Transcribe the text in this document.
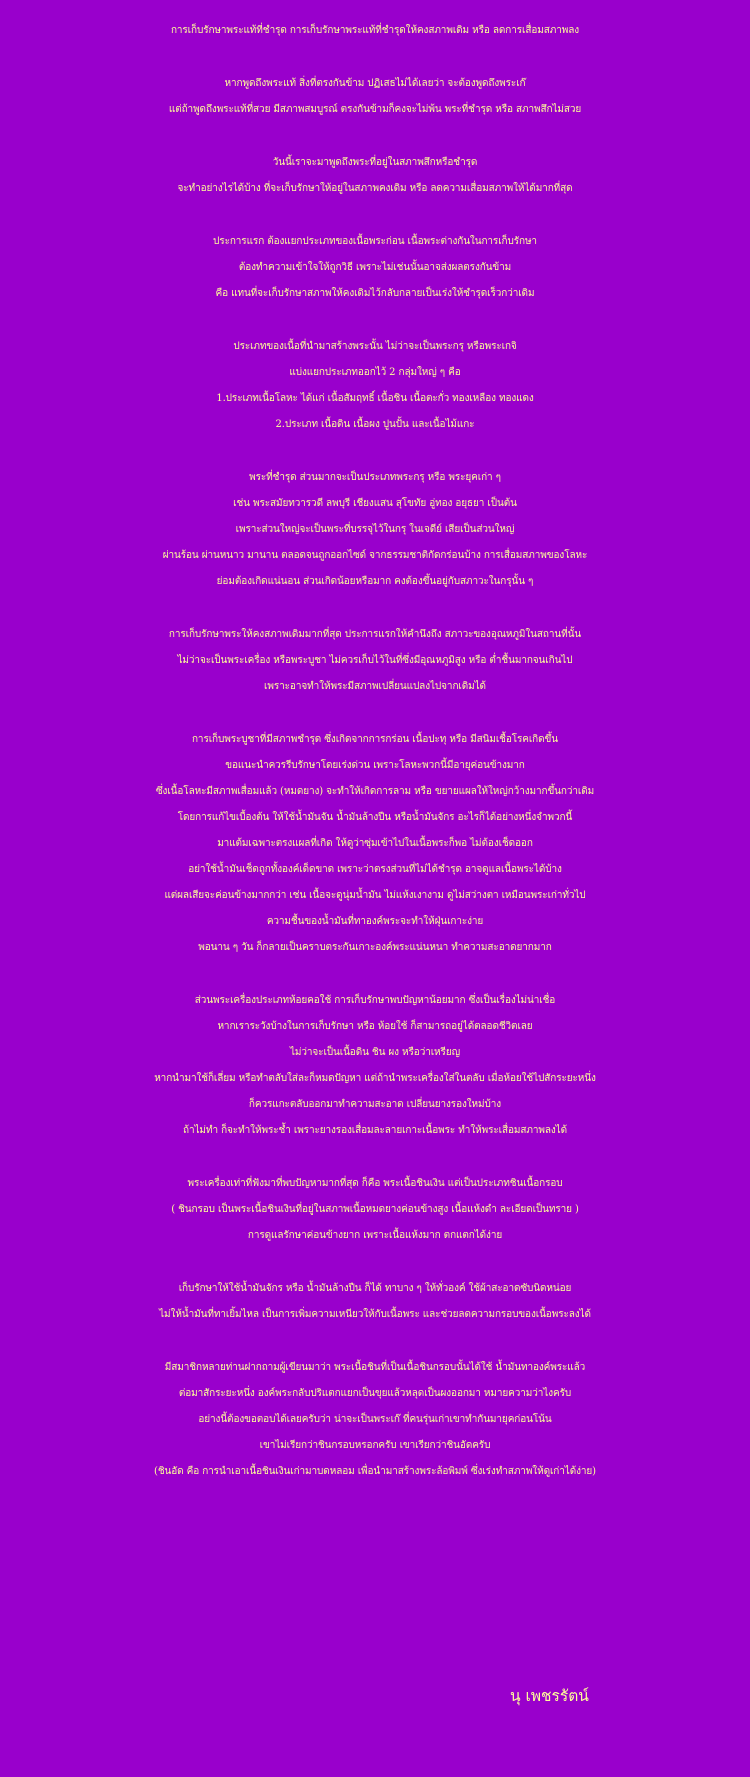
การเก็บรักษาพระแท้ที่ชำรุด การเก็บรักษาพระแท้ที่ชำรุดให้คงสภาพเดิม หรือ ลดการเสื่อมสภาพลง
หากพูดถึงพระแท้ สิ่งที่ตรงกันข้าม ปฏิเสธไม่ได้เลยว่า จะต้องพูดถึงพระเก๊
แต่ถ้าพูดถึงพระแท้ที่สวย มีสภาพสมบูรณ์ ตรงกันข้ามก็คงจะไม่พ้น พระที่ชำรุด หรือ สภาพสึกไม่สวย
วันนี้เราจะมาพูดถึงพระที่อยู่ในสภาพสึกหรือชำรุด
จะทำอย่างไรได้บ้าง ที่จะเก็บรักษาให้อยู่ในสภาพคงเดิม หรือ ลดความเสื่อมสภาพให้ได้มากที่สุด
ประการแรก ต้องแยกประเภทของเนื้อพระก่อน เนื้อพระต่างกันในการเก็บรักษา
ต้องทำความเข้าใจให้ถูกวิธี เพราะไม่เช่นนั้นอาจส่งผลตรงกันข้าม
คือ แทนที่จะเก็บรักษาสภาพให้คงเดิมไว้กลับกลายเป็นเร่งให้ชำรุดเร็วกว่าเดิม
ประเภทของเนื้อที่นำมาสร้างพระนั้น ไม่ว่าจะเป็นพระกรุ หรือพระเกจิ
แบ่งแยกประเภทออกไว้ 2 กลุ่มใหญ่ ๆ คือ
1.ประเภทเนื้อโลหะ ได้แก่ เนื้อสัมฤทธิ์ เนื้อชิน เนื้อตะกั่ว ทองเหลือง ทองแดง
2.ประเภท เนื้อดิน เนื้อผง ปูนปั้น และเนื้อไม้แกะ
พระที่ชำรุด ส่วนมากจะเป็นประเภทพระกรุ หรือ พระยุคเก่า ๆ
เช่น พระสมัยทวารวดี ลพบุรี เชียงแสน สุโขทัย อู่ทอง อยุธยา เป็นต้น
เพราะส่วนใหญ่จะเป็นพระที่บรรจุไว้ในกรุ ในเจดีย์ เสียเป็นส่วนใหญ่
ผ่านร้อน ผ่านหนาว มานาน ตลอดจนถูกออกไซด์ จากธรรมชาติกัดกร่อนบ้าง การเสื่อมสภาพของโลหะ
ย่อมต้องเกิดแน่นอน ส่วนเกิดน้อยหรือมาก คงต้องขึ้นอยู่กับสภาวะในกรุนั้น ๆ
การเก็บรักษาพระให้คงสภาพเดิมมากที่สุด ประการแรกให้คำนึงถึง สภาวะของอุณหภูมิในสถานที่นั้น
ไม่ว่าจะเป็นพระเครื่อง หรือพระบูชา ไม่ควรเก็บไว้ในที่ซึ่งมีอุณหภูมิสูง หรือ ต่ำชื้นมากจนเกินไป
เพราะอาจทำให้พระมีสภาพเปลี่ยนแปลงไปจากเดิมได้
การเก็บพระบูชาที่มีสภาพชำรุด ซึ่งเกิดจากการกร่อน เนื้อปะทุ หรือ มีสนิมเชื้อโรคเกิดขึ้น
ขอแนะนำควรรีบรักษาโดยเร่งด่วน เพราะโลหะพวกนี้มีอายุค่อนข้างมาก
ซึ่งเนื้อโลหะมีสภาพเสื่อมแล้ว (หมดยาง) จะทำให้เกิดการลาม หรือ ขยายแผลให้ใหญ่กว้างมากขึ้นกว่าเดิม
โดยการแก้ไขเบื้องต้น ให้ใช้น้ำมันจัน น้ำมันล้างปืน หรือน้ำมันจักร อะไรก็ได้อย่างหนึ่งจำพวกนี้
มาแต้มเฉพาะตรงแผลที่เกิด ให้ดูว่าซุ่มเข้าไปในเนื้อพระก็พอ ไม่ต้องเช็ดออก
อย่าใช้น้ำมันเช็ดถูกทั้งองค์เด็ดขาด เพราะว่าตรงส่วนที่ไม่ได้ชำรุด อาจดูแลเนื้อพระได้บ้าง
แต่ผลเสียจะค่อนข้างมากกว่า เช่น เนื้อจะดูนุ่มน้ำมัน ไม่แห้งเงางาม ดูไม่สว่างตา เหมือนพระเก่าทั่วไป
ความชื้นของน้ำมันที่ทาองค์พระจะทำให้ฝุ่นเกาะง่าย
พอนาน ๆ วัน ก็กลายเป็นคราบตระกันเกาะองค์พระแน่นหนา ทำความสะอาดยากมาก
ส่วนพระเครื่องประเภทห้อยคอใช้ การเก็บรักษาพบปัญหาน้อยมาก ซึ่งเป็นเรื่องไม่น่าเชื่อ
หากเราระวังบ้างในการเก็บรักษา หรือ ห้อยใช้ ก็สามารถอยู่ได้ตลอดชีวิตเลย
ไม่ว่าจะเป็นเนื้อดิน ชิน ผง หรือว่าเหรียญ
หากนำมาใช้ก็เลี่ยม หรือทำตลับใส่ละก็หมดปัญหา แต่ถ้านำพระเครื่องใส่ในตลับ เมื่อห้อยใช้ไปสักระยะหนึ่ง
ก็ควรแกะตลับออกมาทำความสะอาด เปลี่ยนยางรองใหม่บ้าง
ถ้าไม่ทำ ก็จะทำให้พระช้ำ เพราะยางรองเสื่อมละลายเกาะเนื้อพระ ทำให้พระเสื่อมสภาพลงได้
พระเครื่องเท่าที่ฟังมาที่พบปัญหามากที่สุด ก็คือ พระเนื้อชินเงิน แต่เป็นประเภทชินเนื้อกรอบ
( ชินกรอบ เป็นพระเนื้อชินเงินที่อยู่ในสภาพเนื้อหมดยางค่อนข้างสูง เนื้อแห้งดำ ละเอียดเป็นทราย )
การดูแลรักษาค่อนข้างยาก เพราะเนื้อแห้งมาก ตกแตกได้ง่าย
เก็บรักษาให้ใช้น้ำมันจักร หรือ น้ำมันล้างปืน ก็ได้ ทาบาง ๆ ให้ทั่วองค์ ใช้ผ้าสะอาดซับนิดหน่อย
ไม่ให้น้ำมันที่ทาเยิ้มไหล เป็นการเพิ่มความเหนียวให้กับเนื้อพระ และช่วยลดความกรอบของเนื้อพระลงได้
มีสมาชิกหลายท่านฝากถามผู้เขียนมาว่า พระเนื้อชินที่เป็นเนื้อชินกรอบนั้นได้ใช้ น้ำมันทาองค์พระแล้ว
ต่อมาสักระยะหนึ่ง องค์พระกลับปริแตกแยกเป็นขุยแล้วหลุดเป็นผงออกมา หมายความว่าไงครับ
อย่างนี้ต้องขอตอบได้เลยครับว่า น่าจะเป็นพระเก๊ ที่คนรุ่นเก่าเขาทำกันมายุคก่อนโน้น
เขาไม่เรียกว่าชินกรอบหรอกครับ เขาเรียกว่าชินอัดครับ
(ชินอัด คือ การนำเอาเนื้อชินเงินเก่ามาบดหลอม เพื่อนำมาสร้างพระล้อพิมพ์ ซึ่งเร่งทำสภาพให้ดูเก่าได้ง่าย)
นุ เพชรรัตน์
